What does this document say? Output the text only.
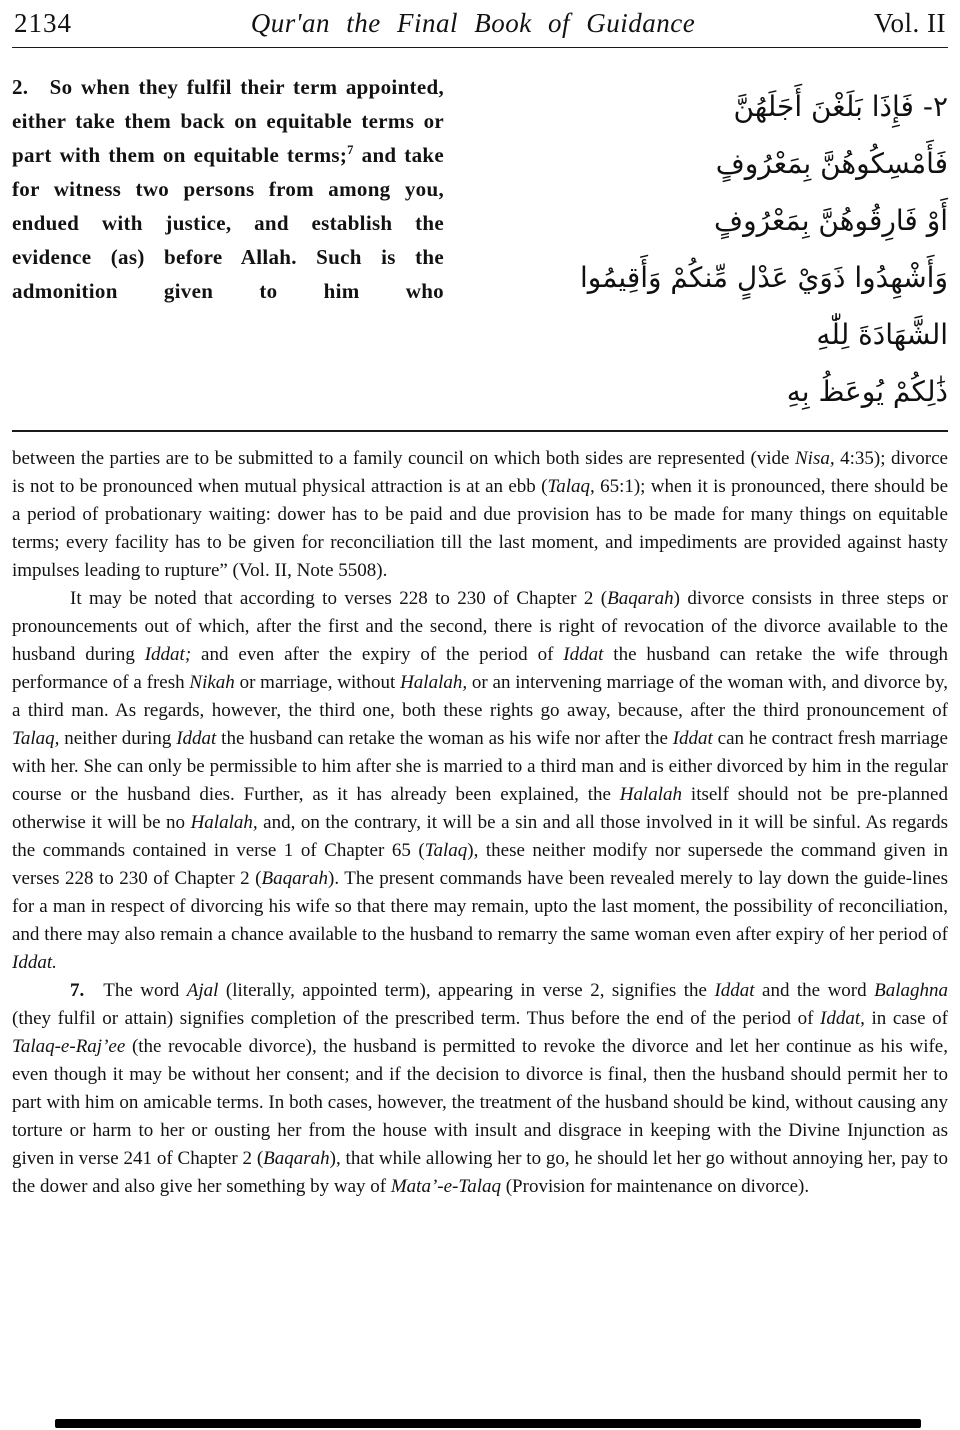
2134	Qur'an the Final Book of Guidance	Vol. II
2. So when they fulfil their term appointed, either take them back on equitable terms or part with them on equitable terms;$^7$ and take for witness two persons from among you, endued with justice, and establish the evidence (as) before Allah. Such is the admonition given to him who
٢- فَإِذَا بَلَغْنَ أَجَلَهُنَّ
فَأَمْسِكُوهُنَّ بِمَعْرُوفٍ
أَوْ فَارِقُوهُنَّ بِمَعْرُوفٍ
وَأَشْهِدُوا ذَوَيْ عَدْلٍ مِّنكُمْ وَأَقِيمُوا
الشَّهَادَةَ لِلّٰهِ
ذَٰلِكُمْ يُوعَظُ بِهِ

between the parties are to be submitted to a family council on which both sides are represented (vide Nisa, 4:35); divorce is not to be pronounced when mutual physical attraction is at an ebb (Talaq, 65:1); when it is pronounced, there should be a period of probationary waiting: dower has to be paid and due provision has to be made for many things on equitable terms; every facility has to be given for reconciliation till the last moment, and impediments are provided against hasty impulses leading to rupture” (Vol. II, Note 5508).

It may be noted that according to verses 228 to 230 of Chapter 2 (Baqarah) divorce consists in three steps or pronouncements out of which, after the first and the second, there is right of revocation of the divorce available to the husband during Iddat; and even after the expiry of the period of Iddat the husband can retake the wife through performance of a fresh Nikah or marriage, without Halalah, or an intervening marriage of the woman with, and divorce by, a third man. As regards, however, the third one, both these rights go away, because, after the third pronouncement of Talaq, neither during Iddat the husband can retake the woman as his wife nor after the Iddat can he contract fresh marriage with her. She can only be permissible to him after she is married to a third man and is either divorced by him in the regular course or the husband dies. Further, as it has already been explained, the Halalah itself should not be pre-planned otherwise it will be no Halalah, and, on the contrary, it will be a sin and all those involved in it will be sinful. As regards the commands contained in verse 1 of Chapter 65 (Talaq), these neither modify nor supersede the command given in verses 228 to 230 of Chapter 2 (Baqarah). The present commands have been revealed merely to lay down the guide-lines for a man in respect of divorcing his wife so that there may remain, upto the last moment, the possibility of reconciliation, and there may also remain a chance available to the husband to remarry the same woman even after expiry of her period of Iddat.

7. The word Ajal (literally, appointed term), appearing in verse 2, signifies the Iddat and the word Balaghna (they fulfil or attain) signifies completion of the prescribed term. Thus before the end of the period of Iddat, in case of Talaq-e-Raj’ee (the revocable divorce), the husband is permitted to revoke the divorce and let her continue as his wife, even though it may be without her consent; and if the decision to divorce is final, then the husband should permit her to part with him on amicable terms. In both cases, however, the treatment of the husband should be kind, without causing any torture or harm to her or ousting her from the house with insult and disgrace in keeping with the Divine Injunction as given in verse 241 of Chapter 2 (Baqarah), that while allowing her to go, he should let her go without annoying her, pay to the dower and also give her something by way of Mata’-e-Talaq (Provision for maintenance on divorce).
